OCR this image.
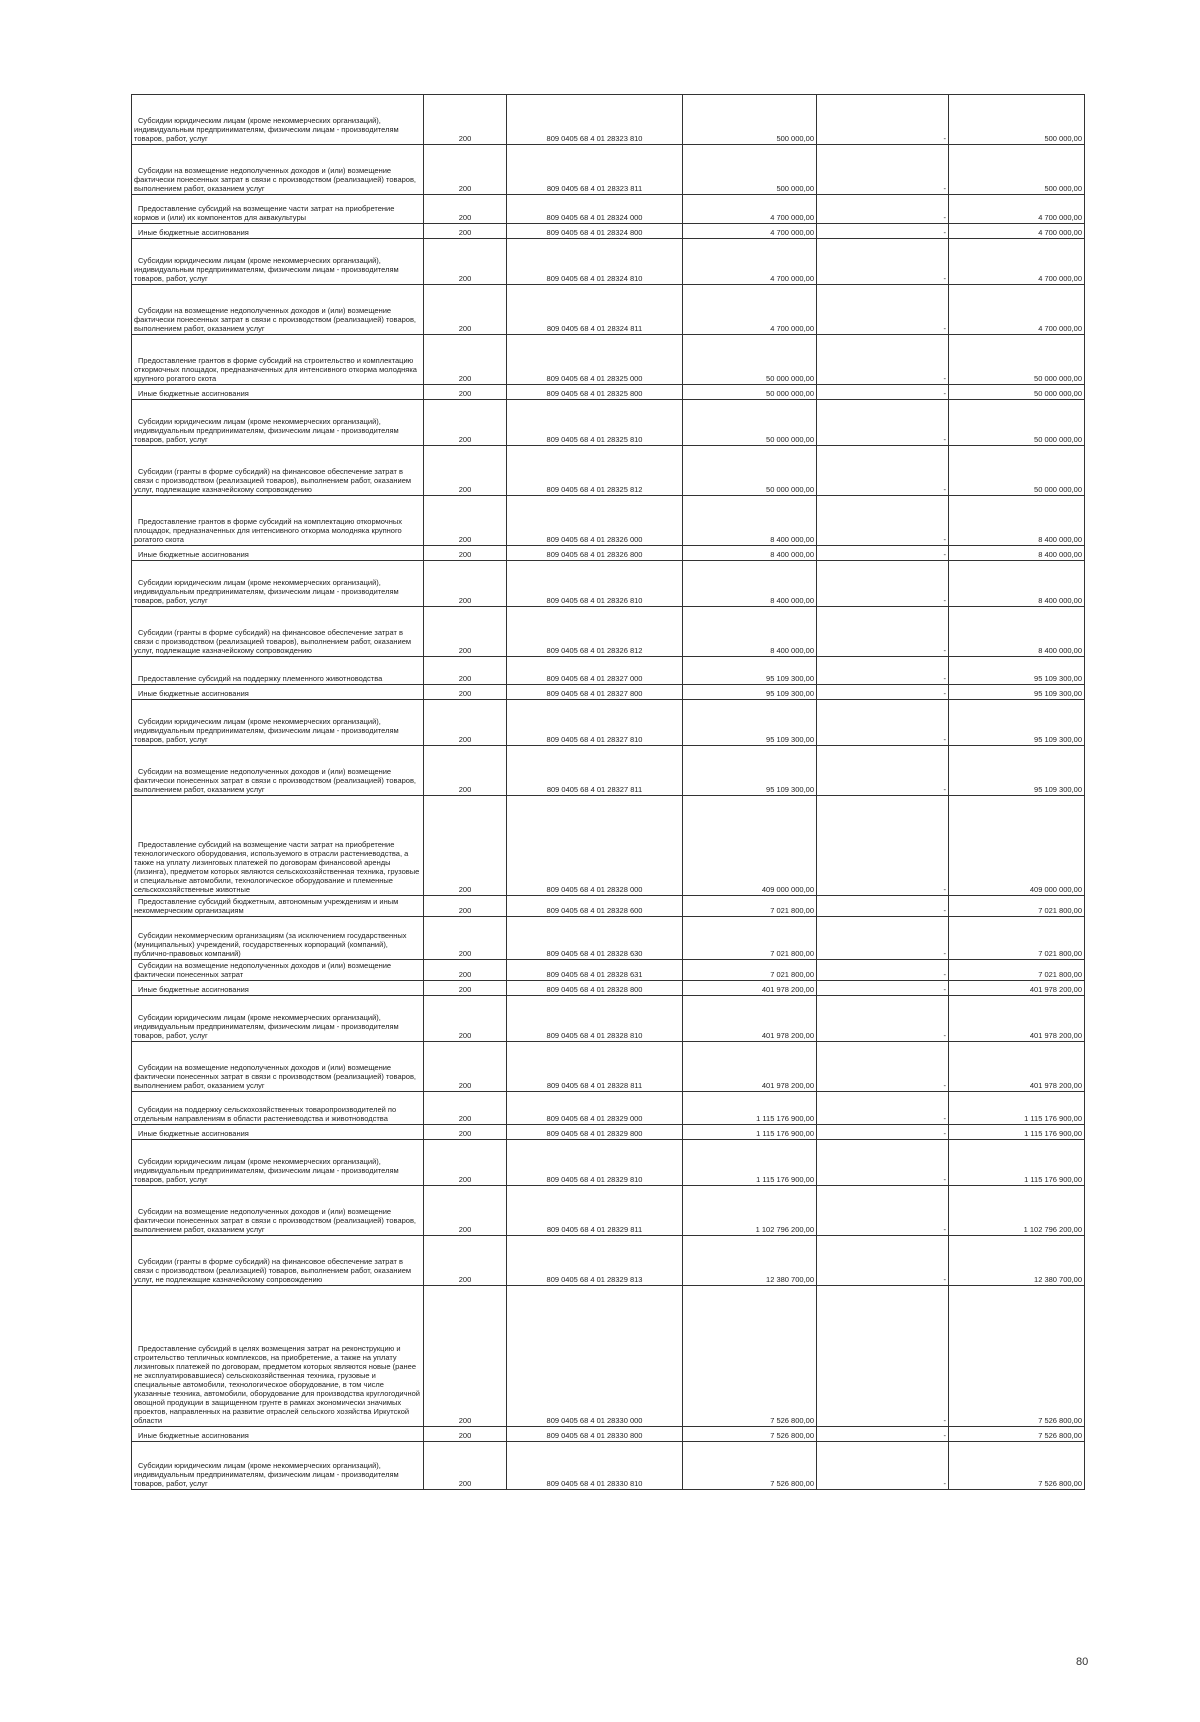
Субсидии юридическим лицам (кроме некоммерческих организаций), индивидуальным предпринимателям, физическим лицам - производителям товаров, работ, услуг	200	809 0405 68 4 01 28323 810	500 000,00	-	500 000,00
Субсидии на возмещение недополученных доходов и (или) возмещение фактически понесенных затрат в связи с производством (реализацией) товаров, выполнением работ, оказанием услуг	200	809 0405 68 4 01 28323 811	500 000,00	-	500 000,00
Предоставление субсидий на возмещение части затрат на приобретение кормов и (или) их компонентов для аквакультуры	200	809 0405 68 4 01 28324 000	4 700 000,00	-	4 700 000,00
Иные бюджетные ассигнования	200	809 0405 68 4 01 28324 800	4 700 000,00	-	4 700 000,00
Субсидии юридическим лицам (кроме некоммерческих организаций), индивидуальным предпринимателям, физическим лицам - производителям товаров, работ, услуг	200	809 0405 68 4 01 28324 810	4 700 000,00	-	4 700 000,00
Субсидии на возмещение недополученных доходов и (или) возмещение фактически понесенных затрат в связи с производством (реализацией) товаров, выполнением работ, оказанием услуг	200	809 0405 68 4 01 28324 811	4 700 000,00	-	4 700 000,00
Предоставление грантов в форме субсидий на строительство и комплектацию откормочных площадок, предназначенных для интенсивного откорма молодняка крупного рогатого скота	200	809 0405 68 4 01 28325 000	50 000 000,00	-	50 000 000,00
Иные бюджетные ассигнования	200	809 0405 68 4 01 28325 800	50 000 000,00	-	50 000 000,00
Субсидии юридическим лицам (кроме некоммерческих организаций), индивидуальным предпринимателям, физическим лицам - производителям товаров, работ, услуг	200	809 0405 68 4 01 28325 810	50 000 000,00	-	50 000 000,00
Субсидии (гранты в форме субсидий) на финансовое обеспечение затрат в связи с производством (реализацией товаров), выполнением работ, оказанием услуг, подлежащие казначейскому сопровождению	200	809 0405 68 4 01 28325 812	50 000 000,00	-	50 000 000,00
Предоставление грантов в форме субсидий на комплектацию откормочных площадок, предназначенных для интенсивного откорма молодняка крупного рогатого скота	200	809 0405 68 4 01 28326 000	8 400 000,00	-	8 400 000,00
Иные бюджетные ассигнования	200	809 0405 68 4 01 28326 800	8 400 000,00	-	8 400 000,00
Субсидии юридическим лицам (кроме некоммерческих организаций), индивидуальным предпринимателям, физическим лицам - производителям товаров, работ, услуг	200	809 0405 68 4 01 28326 810	8 400 000,00	-	8 400 000,00
Субсидии (гранты в форме субсидий) на финансовое обеспечение затрат в связи с производством (реализацией товаров), выполнением работ, оказанием услуг, подлежащие казначейскому сопровождению	200	809 0405 68 4 01 28326 812	8 400 000,00	-	8 400 000,00
Предоставление субсидий на поддержку племенного животноводства	200	809 0405 68 4 01 28327 000	95 109 300,00	-	95 109 300,00
Иные бюджетные ассигнования	200	809 0405 68 4 01 28327 800	95 109 300,00	-	95 109 300,00
Субсидии юридическим лицам (кроме некоммерческих организаций), индивидуальным предпринимателям, физическим лицам - производителям товаров, работ, услуг	200	809 0405 68 4 01 28327 810	95 109 300,00	-	95 109 300,00
Субсидии на возмещение недополученных доходов и (или) возмещение фактически понесенных затрат в связи с производством (реализацией) товаров, выполнением работ, оказанием услуг	200	809 0405 68 4 01 28327 811	95 109 300,00	-	95 109 300,00
Предоставление субсидий на возмещение части затрат на приобретение технологического оборудования, используемого в отрасли растениеводства, а также на уплату лизинговых платежей по договорам финансовой аренды (лизинга), предметом которых являются сельскохозяйственная техника, грузовые и специальные автомобили, технологическое оборудование и племенные сельскохозяйственные животные	200	809 0405 68 4 01 28328 000	409 000 000,00	-	409 000 000,00
Предоставление субсидий бюджетным, автономным учреждениям и иным некоммерческим организациям	200	809 0405 68 4 01 28328 600	7 021 800,00	-	7 021 800,00
Субсидии некоммерческим организациям (за исключением государственных (муниципальных) учреждений, государственных корпораций (компаний), публично-правовых компаний)	200	809 0405 68 4 01 28328 630	7 021 800,00	-	7 021 800,00
Субсидии на возмещение недополученных доходов и (или) возмещение фактически понесенных затрат	200	809 0405 68 4 01 28328 631	7 021 800,00	-	7 021 800,00
Иные бюджетные ассигнования	200	809 0405 68 4 01 28328 800	401 978 200,00	-	401 978 200,00
Субсидии юридическим лицам (кроме некоммерческих организаций), индивидуальным предпринимателям, физическим лицам - производителям товаров, работ, услуг	200	809 0405 68 4 01 28328 810	401 978 200,00	-	401 978 200,00
Субсидии на возмещение недополученных доходов и (или) возмещение фактически понесенных затрат в связи с производством (реализацией) товаров, выполнением работ, оказанием услуг	200	809 0405 68 4 01 28328 811	401 978 200,00	-	401 978 200,00
Субсидии на поддержку сельскохозяйственных товаропроизводителей по отдельным направлениям в области растениеводства и животноводства	200	809 0405 68 4 01 28329 000	1 115 176 900,00	-	1 115 176 900,00
Иные бюджетные ассигнования	200	809 0405 68 4 01 28329 800	1 115 176 900,00	-	1 115 176 900,00
Субсидии юридическим лицам (кроме некоммерческих организаций), индивидуальным предпринимателям, физическим лицам - производителям товаров, работ, услуг	200	809 0405 68 4 01 28329 810	1 115 176 900,00	-	1 115 176 900,00
Субсидии на возмещение недополученных доходов и (или) возмещение фактически понесенных затрат в связи с производством (реализацией) товаров, выполнением работ, оказанием услуг	200	809 0405 68 4 01 28329 811	1 102 796 200,00	-	1 102 796 200,00
Субсидии (гранты в форме субсидий) на финансовое обеспечение затрат в связи с производством (реализацией) товаров, выполнением работ, оказанием услуг, не подлежащие казначейскому сопровождению	200	809 0405 68 4 01 28329 813	12 380 700,00	-	12 380 700,00
Предоставление субсидий в целях возмещения затрат на реконструкцию и строительство тепличных комплексов, на приобретение, а также на уплату лизинговых платежей по договорам, предметом которых являются новые (ранее не эксплуатировавшиеся) сельскохозяйственная техника, грузовые и специальные автомобили, технологическое оборудование, в том числе указанные техника, автомобили, оборудование для производства круглогодичной овощной продукции в защищенном грунте в рамках экономически значимых проектов, направленных на развитие отраслей сельского хозяйства Иркутской области	200	809 0405 68 4 01 28330 000	7 526 800,00	-	7 526 800,00
Иные бюджетные ассигнования	200	809 0405 68 4 01 28330 800	7 526 800,00	-	7 526 800,00
Субсидии юридическим лицам (кроме некоммерческих организаций), индивидуальным предпринимателям, физическим лицам - производителям товаров, работ, услуг	200	809 0405 68 4 01 28330 810	7 526 800,00	-	7 526 800,00
80
